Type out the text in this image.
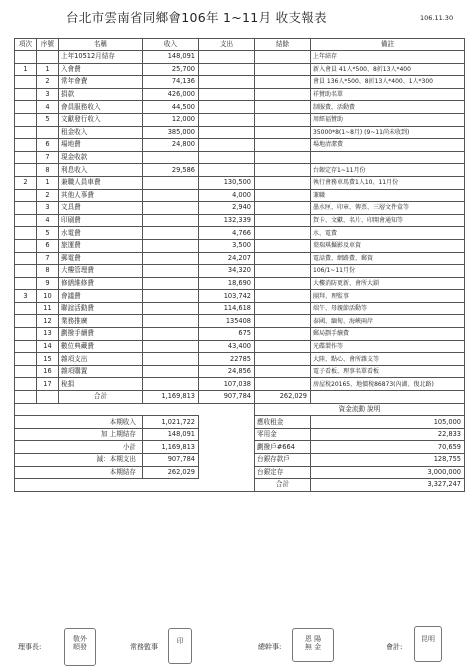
台北市雲南省同鄉會106年 1~11月 收支報表	106.11.30
項次	序號	名稱	收入	支出	結餘	備註
		上年10512月結存	148,091			上年結存
1	1	入會費	25,700			新入會員 41人*500、8折13人*400
	2	常年會費	74,136			會員 136人*500、8折13人*400、1人*300
	3	捐款	426,000			祥贊助名單
	4	會員服務收入	44,500			制服費，活動費
	5	文獻發行收入	12,000			周經福贊助
		租金收入	385,000			35000*8(1~8月) (9~11尚未收到)
	6	場地費	24,800			場地清潔費
	7	現金收款				
	8	利息收入	29,586			台銀定存1~11月份
2	1	兼職人員車費		130,500		執行會務車馬費1人10、11月份
	2	其他人事費		4,000		兼職
	3	文具費		2,940		墨水匣、印章、傳票、三層文件盒等
	4	印刷費		132,339		賀卡、文獻、名片、印開會通知等
	5	水電費		4,766		水、電費
	6	旅運費		3,500		葉瑞琪攝影及車資
	7	郵電費		24,207		電話費、網路費、郵資
	8	大樓管理費		34,320		106/1~11月份
	9	修繕維修費		18,690		大樓消防更新、會所大鎖
3	10	會議費		103,742		團拜、理監事
	11	聯誼活動費		114,618		端午、母親節活動等
	12	業務推廣		135408		泰國、緬甸、海峽兩岸
	13	劃撥手續費		675		郵局劃手續費
	14	數位典藏費		43,400		光碟製作等
	15	雜項支出		22785		大陸、點心、會所雜支等
	16	雜項購置		24,856		電子看板、理事名單看板
	17	稅捐		107,038		房屋稅20165、地價稅86873(內湖、復北路)
		合計	1,169,813	907,784	262,029	
					資金流動 說明	
本期收入			1,021,722		應收租金	105,000
加 上期結存			148,091		零用金	22,833
小計			1,169,813		劃撥戶#664	70,659
減：本期支出			907,784		台銀存款戶	128,755
本期結存			262,029		台銀定存	3,000,000
					合計	3,327,247
理事長:	常務監事	總幹事:	會計:
敬外
順發
印	恩 陽
無 金
昆明
